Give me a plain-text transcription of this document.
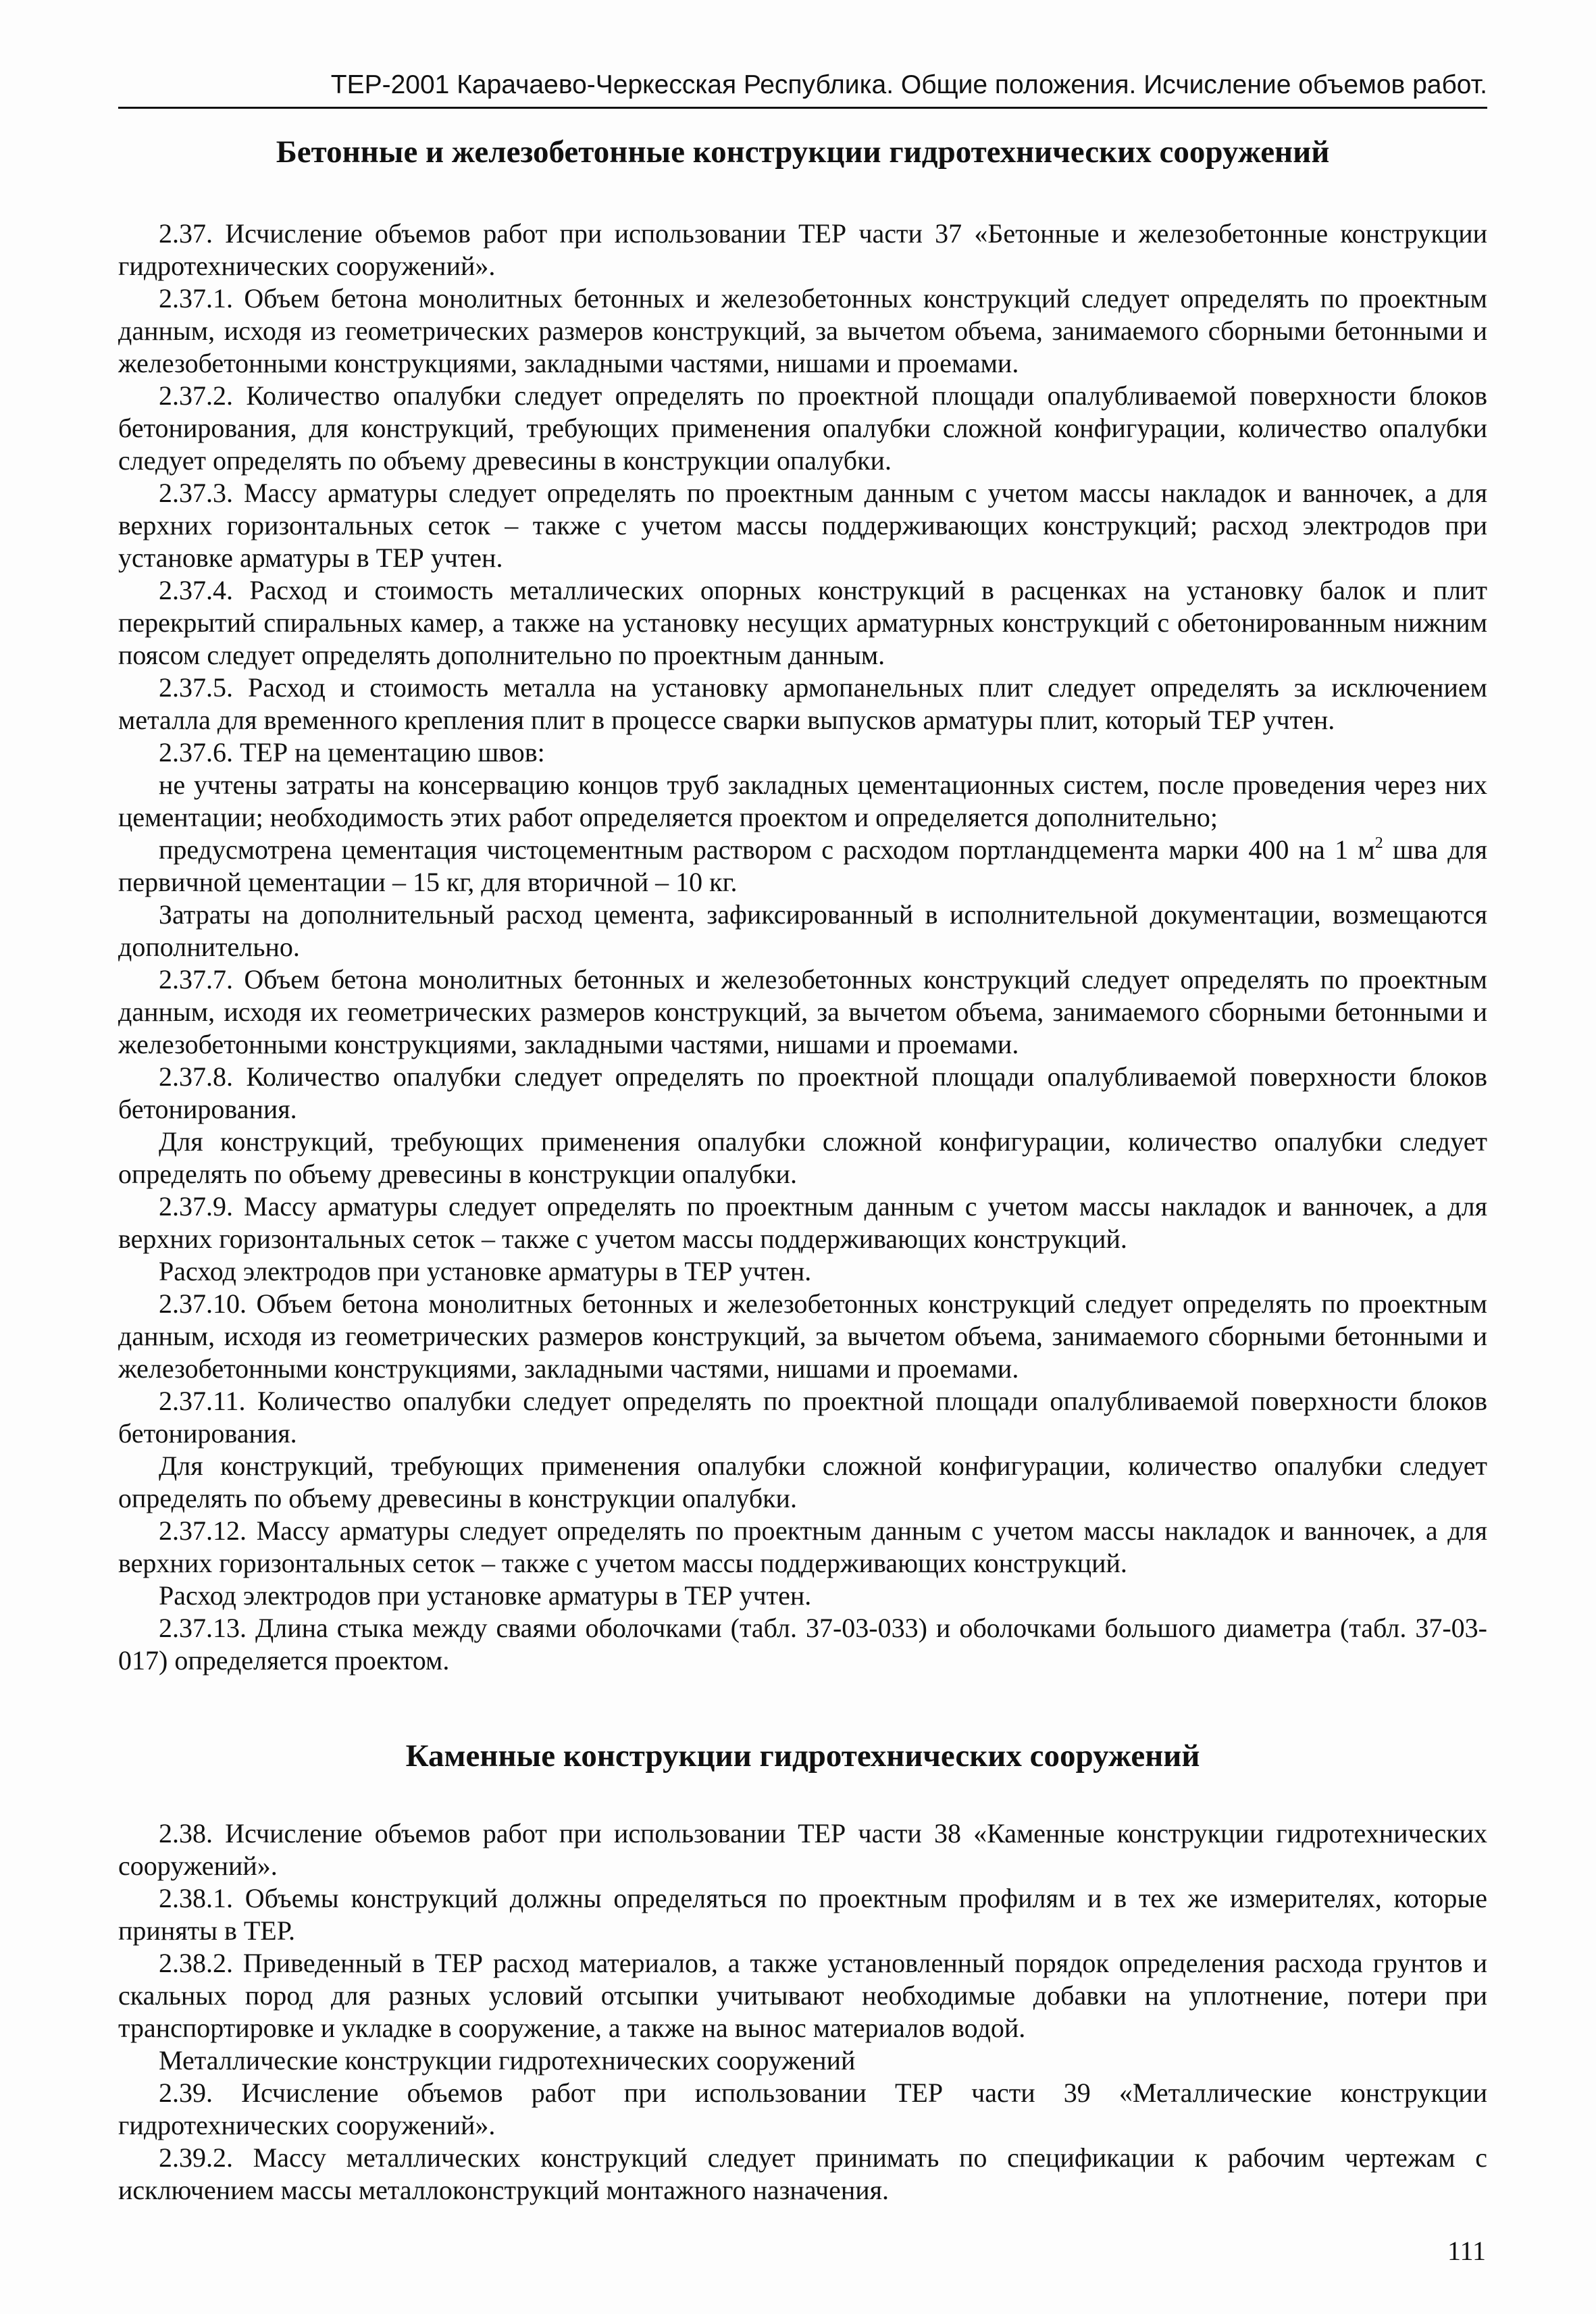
ТЕР-2001 Карачаево-Черкесская Республика. Общие положения. Исчисление объемов работ.
Бетонные и железобетонные конструкции гидротехнических сооружений

2.37. Исчисление объемов работ при использовании ТЕР части 37 «Бетонные и железобетонные конструкции гидротехнических сооружений».

2.37.1. Объем бетона монолитных бетонных и железобетонных конструкций следует определять по проектным данным, исходя из геометрических размеров конструкций, за вычетом объема, занимаемого сборными бетонными и железобетонными конструкциями, закладными частями, нишами и проемами.

2.37.2. Количество опалубки следует определять по проектной площади опалубливаемой поверхности блоков бетонирования, для конструкций, требующих применения опалубки сложной конфигурации, количество опалубки следует определять по объему древесины в конструкции опалубки.

2.37.3. Массу арматуры следует определять по проектным данным с учетом массы накладок и ванночек, а для верхних горизонтальных сеток – также с учетом массы поддерживающих конструкций; расход электродов при установке арматуры в ТЕР учтен.

2.37.4. Расход и стоимость металлических опорных конструкций в расценках на установку балок и плит перекрытий спиральных камер, а также на установку несущих арматурных конструкций с обетонированным нижним поясом следует определять дополнительно по проектным данным.

2.37.5. Расход и стоимость металла на установку армопанельных плит следует определять за исключением металла для временного крепления плит в процессе сварки выпусков арматуры плит, который ТЕР учтен.

2.37.6. ТЕР на цементацию швов:

не учтены затраты на консервацию концов труб закладных цементационных систем, после проведения через них цементации; необходимость этих работ определяется проектом и определяется дополнительно;

предусмотрена цементация чистоцементным раствором с расходом портландцемента марки 400 на 1 $м^2$ шва для первичной цементации – 15 кг, для вторичной – 10 кг.

Затраты на дополнительный расход цемента, зафиксированный в исполнительной документации, возмещаются дополнительно.

2.37.7. Объем бетона монолитных бетонных и железобетонных конструкций следует определять по проектным данным, исходя их геометрических размеров конструкций, за вычетом объема, занимаемого сборными бетонными и железобетонными конструкциями, закладными частями, нишами и проемами.

2.37.8. Количество опалубки следует определять по проектной площади опалубливаемой поверхности блоков бетонирования.

Для конструкций, требующих применения опалубки сложной конфигурации, количество опалубки следует определять по объему древесины в конструкции опалубки.

2.37.9. Массу арматуры следует определять по проектным данным с учетом массы накладок и ванночек, а для верхних горизонтальных сеток – также с учетом массы поддерживающих конструкций.

Расход электродов при установке арматуры в ТЕР учтен.

2.37.10. Объем бетона монолитных бетонных и железобетонных конструкций следует определять по проектным данным, исходя из геометрических размеров конструкций, за вычетом объема, занимаемого сборными бетонными и железобетонными конструкциями, закладными частями, нишами и проемами.

2.37.11. Количество опалубки следует определять по проектной площади опалубливаемой поверхности блоков бетонирования.

Для конструкций, требующих применения опалубки сложной конфигурации, количество опалубки следует определять по объему древесины в конструкции опалубки.

2.37.12. Массу арматуры следует определять по проектным данным с учетом массы накладок и ванночек, а для верхних горизонтальных сеток – также с учетом массы поддерживающих конструкций.

Расход электродов при установке арматуры в ТЕР учтен.

2.37.13. Длина стыка между сваями оболочками (табл. 37-03-033) и оболочками большого диаметра (табл. 37-03-017) определяется проектом.

Каменные конструкции гидротехнических сооружений

2.38. Исчисление объемов работ при использовании ТЕР части 38 «Каменные конструкции гидротехнических сооружений».

2.38.1. Объемы конструкций должны определяться по проектным профилям и в тех же измерителях, которые приняты в ТЕР.

2.38.2. Приведенный в ТЕР расход материалов, а также установленный порядок определения расхода грунтов и скальных пород для разных условий отсыпки учитывают необходимые добавки на уплотнение, потери при транспортировке и укладке в сооружение, а также на вынос материалов водой.

Металлические конструкции гидротехнических сооружений

2.39. Исчисление объемов работ при использовании ТЕР части 39 «Металлические конструкции гидротехнических сооружений».

2.39.2. Массу металлических конструкций следует принимать по спецификации к рабочим чертежам с исключением массы металлоконструкций монтажного назначения.

111
